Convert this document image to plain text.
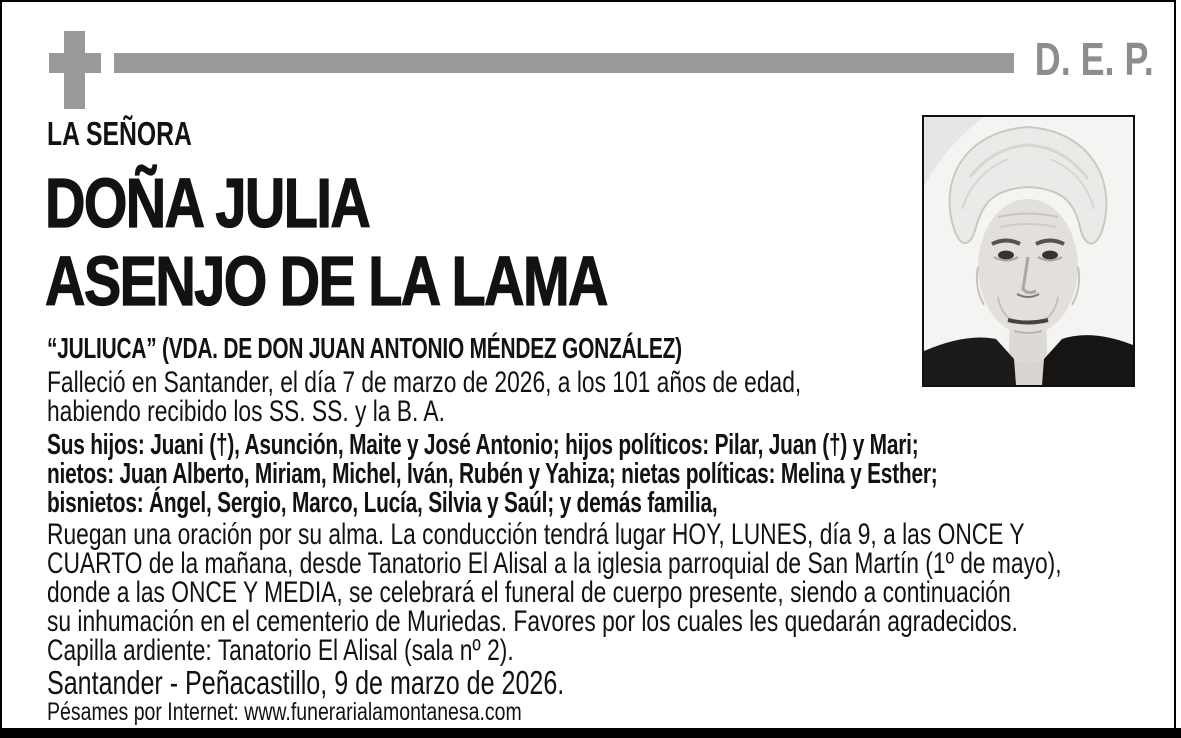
D. E. P.
LA SEÑORA
DOÑA JULIA
ASENJO DE LA LAMA
“JULIUCA” (VDA. DE DON JUAN ANTONIO MÉNDEZ GONZÁLEZ)
Falleció en Santander, el día 7 de marzo de 2026, a los 101 años de edad,
habiendo recibido los SS. SS. y la B. A.
Sus hijos: Juani (†), Asunción, Maite y José Antonio; hijos políticos: Pilar, Juan (†) y Mari;
nietos: Juan Alberto, Miriam, Michel, Iván, Rubén y Yahiza; nietas políticas: Melina y Esther;
bisnietos: Ángel, Sergio, Marco, Lucía, Silvia y Saúl; y demás familia,
Ruegan una oración por su alma. La conducción tendrá lugar HOY, LUNES, día 9, a las ONCE Y
CUARTO de la mañana, desde Tanatorio El Alisal a la iglesia parroquial de San Martín (1º de mayo),
donde a las ONCE Y MEDIA, se celebrará el funeral de cuerpo presente, siendo a continuación
su inhumación en el cementerio de Muriedas. Favores por los cuales les quedarán agradecidos.
Capilla ardiente: Tanatorio El Alisal (sala nº 2).
Santander - Peñacastillo, 9 de marzo de 2026.
Pésames por Internet: www.funerarialamontanesa.com
